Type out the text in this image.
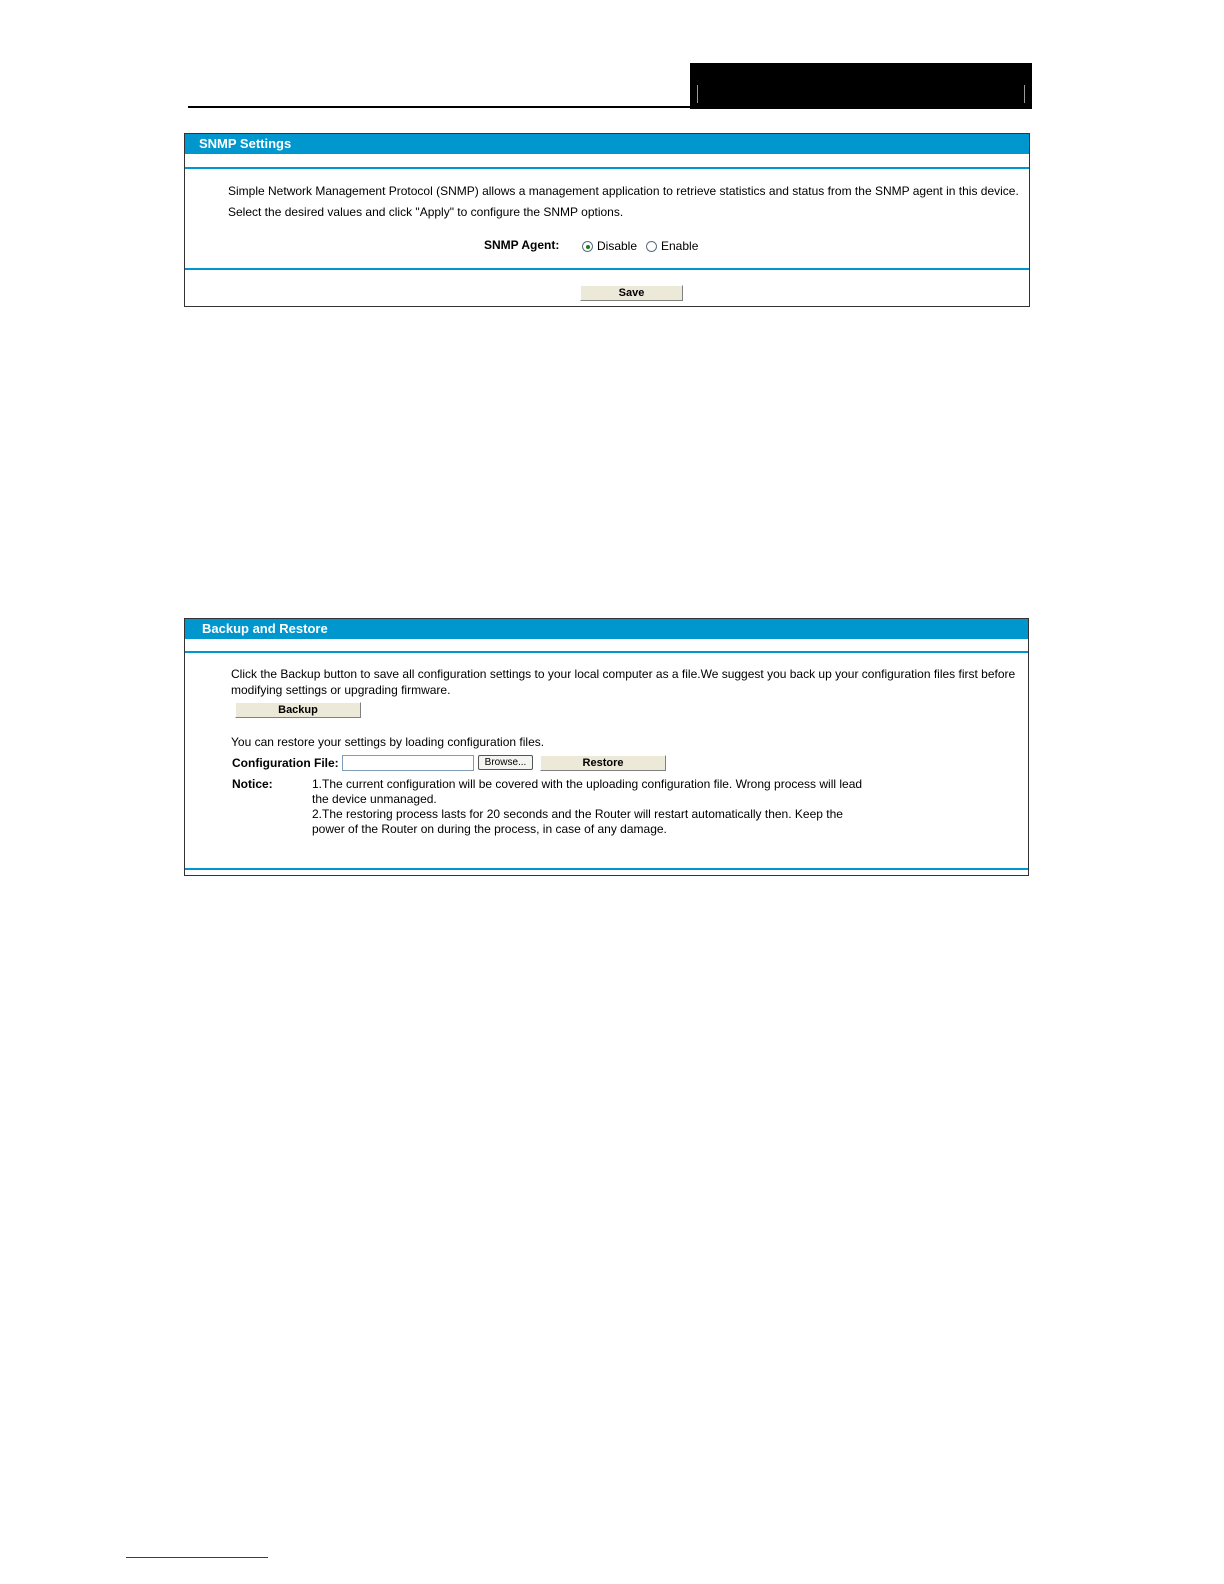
SNMP Settings
Simple Network Management Protocol (SNMP) allows a management application to retrieve statistics and status from the SNMP agent in this device.
Select the desired values and click "Apply" to configure the SNMP options.
SNMP Agent:	Disable Enable
Save
Backup and Restore
Click the Backup button to save all configuration settings to your local computer as a file.We suggest you back up your configuration files first before
modifying settings or upgrading firmware.
Backup
You can restore your settings by loading configuration files.
Configuration File:	Browse...	Restore
Notice:	1.The current configuration will be covered with the uploading configuration file. Wrong process will lead
the device unmanaged.
2.The restoring process lasts for 20 seconds and the Router will restart automatically then. Keep the
power of the Router on during the process, in case of any damage.
